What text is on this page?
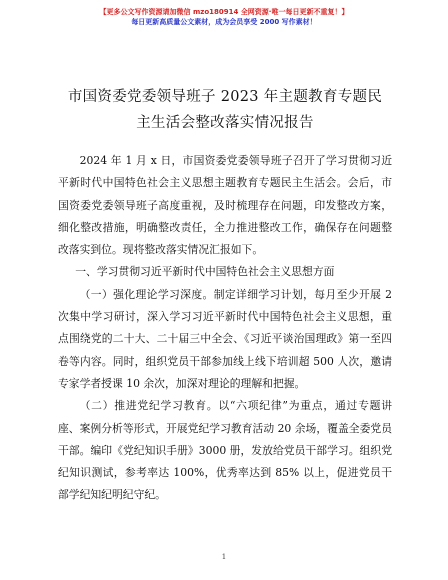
【更多公文写作资源请加微信 mzo180914 全网资源·唯一每日更新不重复！】
每日更新高质量公文素材，成为会员享受 2000 写作素材！
市国资委党委领导班子 2023 年主题教育专题民
主生活会整改落实情况报告

2024 年 1 月 x 日，市国资委党委领导班子召开了学习贯彻习近平新时代中国特色社会主义思想主题教育专题民主生活会。会后，市国资委党委领导班子高度重视，及时梳理存在问题，印发整改方案，细化整改措施，明确整改责任，全力推进整改工作，确保存在问题整改落实到位。现将整改落实情况汇报如下。

一、学习贯彻习近平新时代中国特色社会主义思想方面

（一）强化理论学习深度。制定详细学习计划，每月至少开展 2 次集中学习研讨，深入学习习近平新时代中国特色社会主义思想，重点围绕党的二十大、二十届三中全会、《习近平谈治国理政》第一至四卷等内容。同时，组织党员干部参加线上线下培训超 500 人次，邀请专家学者授课 10 余次，加深对理论的理解和把握。

（二）推进党纪学习教育。以“六项纪律”为重点，通过专题讲座、案例分析等形式，开展党纪学习教育活动 20 余场，覆盖全委党员干部。编印《党纪知识手册》3000 册，发放给党员干部学习。组织党纪知识测试，参考率达 100%，优秀率达到 85% 以上，促进党员干部学纪知纪明纪守纪。

1
